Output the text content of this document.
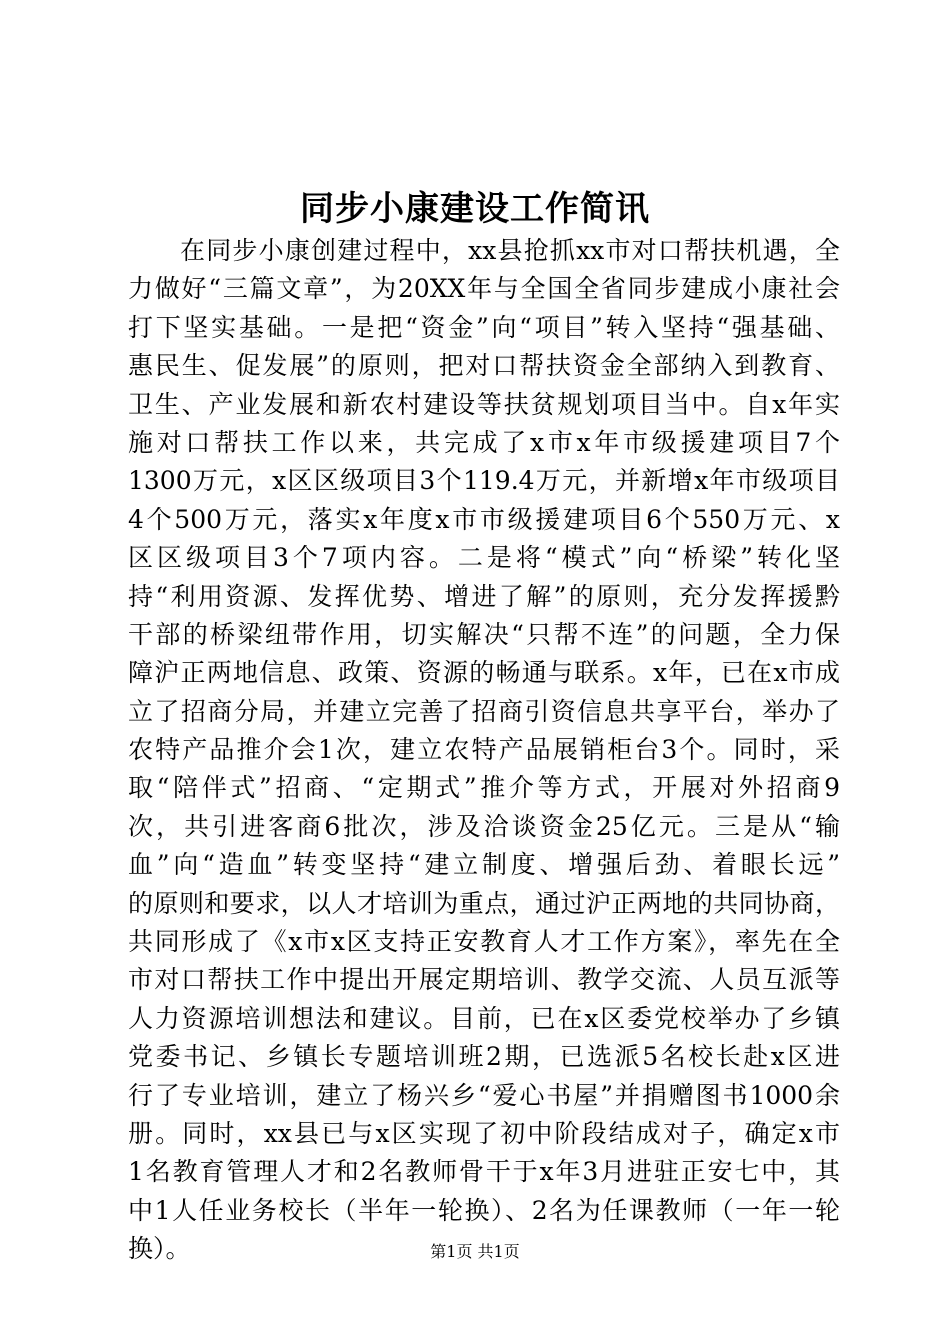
同步小康建设工作简讯
在同步小康创建过程中，xx县抢抓xx市对口帮扶机遇，全
力做好“三篇文章”，为20XX年与全国全省同步建成小康社会
打下坚实基础。一是把“资金”向“项目”转入坚持“强基础、
惠民生、促发展”的原则，把对口帮扶资金全部纳入到教育、
卫生、产业发展和新农村建设等扶贫规划项目当中。自x年实
施对口帮扶工作以来，共完成了x市x年市级援建项目7个
1300万元，x区区级项目3个119.4万元，并新增x年市级项目
4个500万元，落实x年度x市市级援建项目6个550万元、x
区区级项目3个7项内容。二是将“模式”向“桥梁”转化坚
持“利用资源、发挥优势、增进了解”的原则，充分发挥援黔
干部的桥梁纽带作用，切实解决“只帮不连”的问题，全力保
障沪正两地信息、政策、资源的畅通与联系。x年，已在x市成
立了招商分局，并建立完善了招商引资信息共享平台，举办了
农特产品推介会1次，建立农特产品展销柜台3个。同时，采
取“陪伴式”招商、“定期式”推介等方式，开展对外招商9
次，共引进客商6批次，涉及洽谈资金25亿元。三是从“输
血”向“造血”转变坚持“建立制度、增强后劲、着眼长远”
的原则和要求，以人才培训为重点，通过沪正两地的共同协商，
共同形成了《x市x区支持正安教育人才工作方案》，率先在全
市对口帮扶工作中提出开展定期培训、教学交流、人员互派等
人力资源培训想法和建议。目前，已在x区委党校举办了乡镇
党委书记、乡镇长专题培训班2期，已选派5名校长赴x区进
行了专业培训，建立了杨兴乡“爱心书屋”并捐赠图书1000余
册。同时，xx县已与x区实现了初中阶段结成对子，确定x市
1名教育管理人才和2名教师骨干于x年3月进驻正安七中，其
中1人任业务校长（半年一轮换）、2名为任课教师（一年一轮
换）。	第1页 共1页
